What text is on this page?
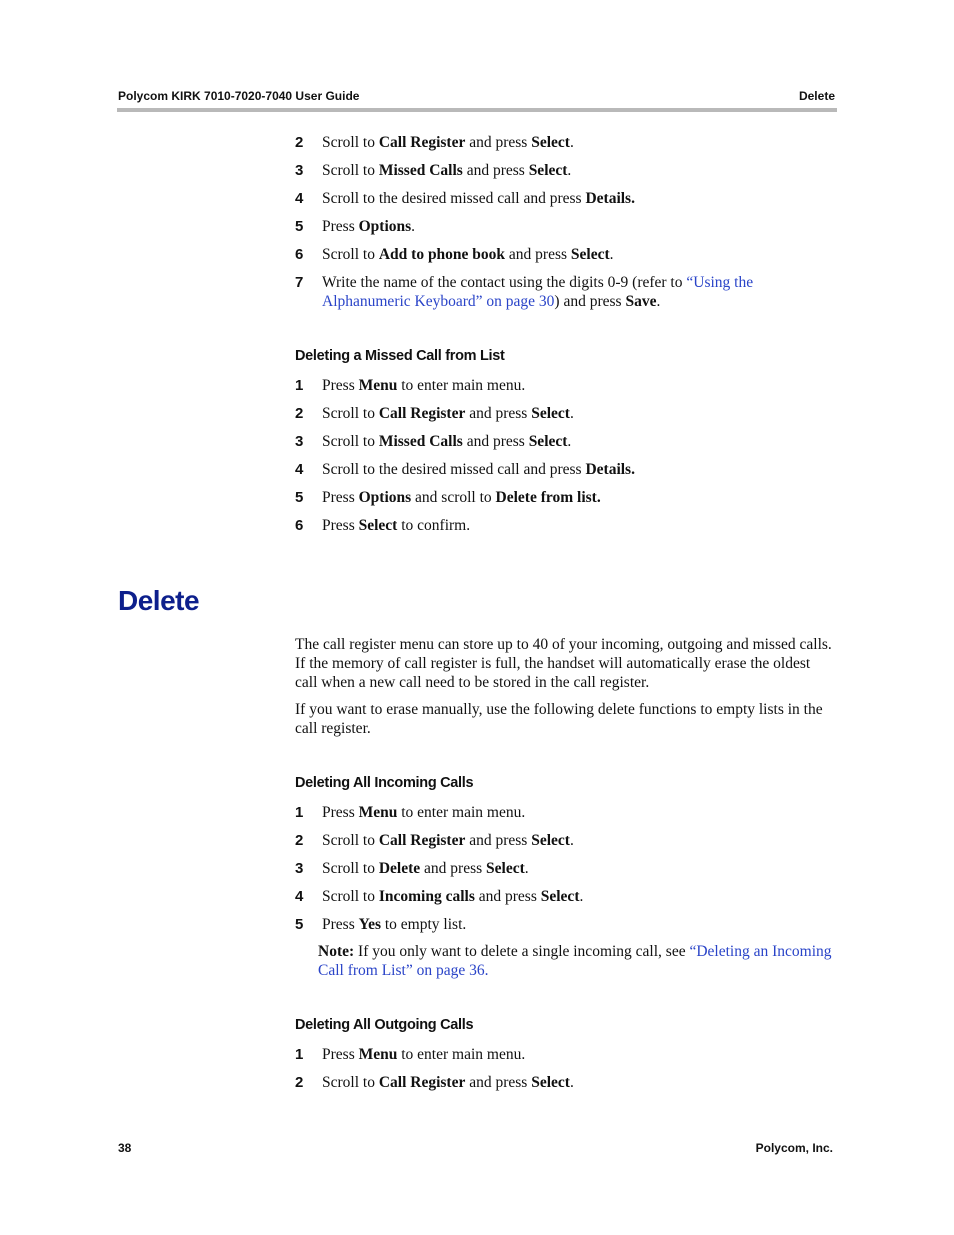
Polycom KIRK 7010-7020-7040 User Guide	Delete
2 Scroll to Call Register and press Select.
3 Scroll to Missed Calls and press Select.
4 Scroll to the desired missed call and press Details.
5 Press Options.
6 Scroll to Add to phone book and press Select.
7 Write the name of the contact using the digits 0-9 (refer to “Using the Alphanumeric Keyboard” on page 30) and press Save.
Deleting a Missed Call from List
1 Press Menu to enter main menu.
2 Scroll to Call Register and press Select.
3 Scroll to Missed Calls and press Select.
4 Scroll to the desired missed call and press Details.
5 Press Options and scroll to Delete from list.
6 Press Select to confirm.
Delete
The call register menu can store up to 40 of your incoming, outgoing and missed calls. If the memory of call register is full, the handset will automatically erase the oldest call when a new call need to be stored in the call register.
If you want to erase manually, use the following delete functions to empty lists in the call register.
Deleting All Incoming Calls
1 Press Menu to enter main menu.
2 Scroll to Call Register and press Select.
3 Scroll to Delete and press Select.
4 Scroll to Incoming calls and press Select.
5 Press Yes to empty list.
Note: If you only want to delete a single incoming call, see “Deleting an Incoming Call from List” on page 36.
Deleting All Outgoing Calls
1 Press Menu to enter main menu.
2 Scroll to Call Register and press Select.
38	Polycom, Inc.
